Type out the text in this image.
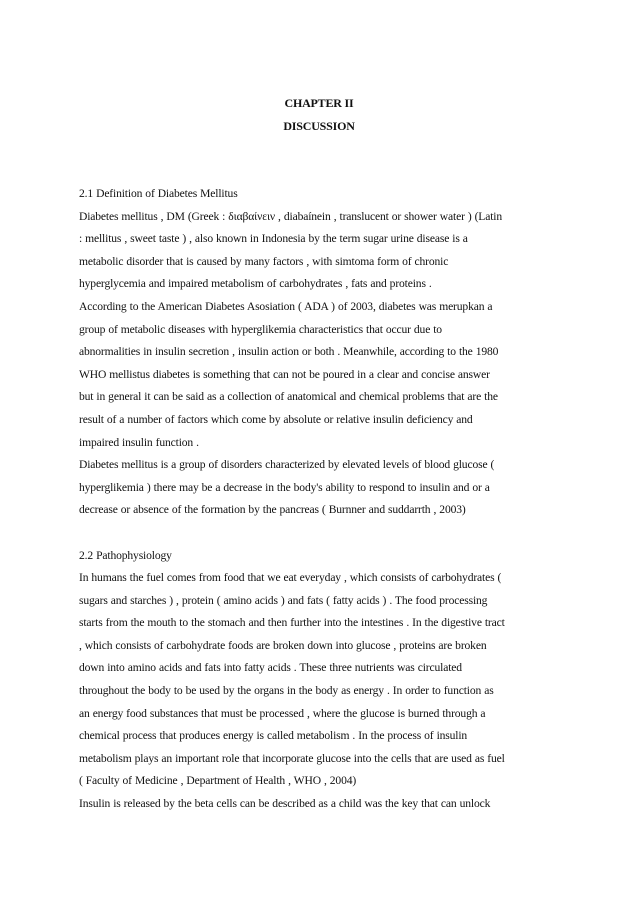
CHAPTER II
DISCUSSION
2.1 Definition of Diabetes Mellitus
Diabetes mellitus , DM (Greek : διαβαίνειν , diabaínein , translucent or shower water ) (Latin
: mellitus , sweet taste ) , also known in Indonesia by the term sugar urine disease is a
metabolic disorder that is caused by many factors , with simtoma form of chronic
hyperglycemia and impaired metabolism of carbohydrates , fats and proteins .
According to the American Diabetes Asosiation ( ADA ) of 2003, diabetes was merupkan a
group of metabolic diseases with hyperglikemia characteristics that occur due to
abnormalities in insulin secretion , insulin action or both . Meanwhile, according to the 1980
WHO mellistus diabetes is something that can not be poured in a clear and concise answer
but in general it can be said as a collection of anatomical and chemical problems that are the
result of a number of factors which come by absolute or relative insulin deficiency and
impaired insulin function .
Diabetes mellitus is a group of disorders characterized by elevated levels of blood glucose (
hyperglikemia ) there may be a decrease in the body's ability to respond to insulin and or a
decrease or absence of the formation by the pancreas ( Burnner and suddarrth , 2003)
2.2 Pathophysiology
In humans the fuel comes from food that we eat everyday , which consists of carbohydrates (
sugars and starches ) , protein ( amino acids ) and fats ( fatty acids ) . The food processing
starts from the mouth to the stomach and then further into the intestines . In the digestive tract
, which consists of carbohydrate foods are broken down into glucose , proteins are broken
down into amino acids and fats into fatty acids . These three nutrients was circulated
throughout the body to be used by the organs in the body as energy . In order to function as
an energy food substances that must be processed , where the glucose is burned through a
chemical process that produces energy is called metabolism . In the process of insulin
metabolism plays an important role that incorporate glucose into the cells that are used as fuel
( Faculty of Medicine , Department of Health , WHO , 2004)
Insulin is released by the beta cells can be described as a child was the key that can unlock
